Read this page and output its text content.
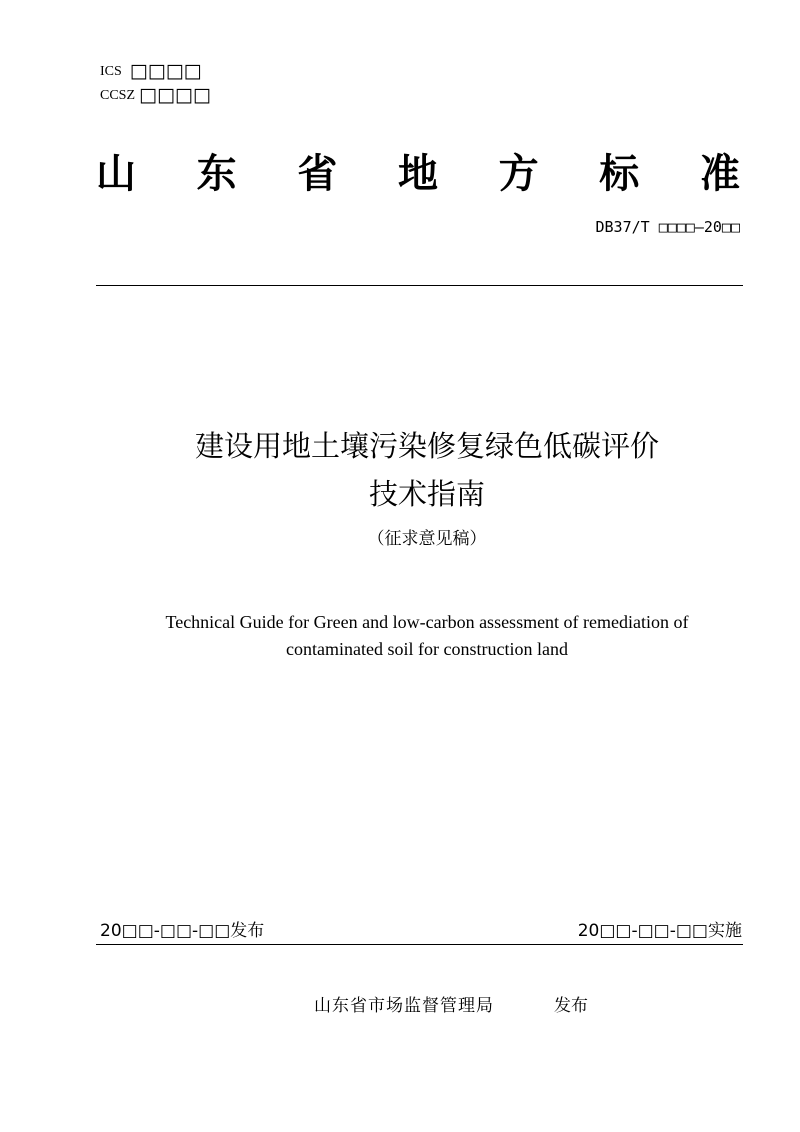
ICS □□□□
CCSZ □□□□
山 东 省 地 方 标 准
DB37/T □□□□—20□□
建设用地土壤污染修复绿色低碳评价
技术指南
（征求意见稿）
Technical Guide for Green and low-carbon assessment of remediation of
contaminated soil for construction land
20□□-□□-□□发布	20□□-□□-□□实施
山东省市场监督管理局	发布
